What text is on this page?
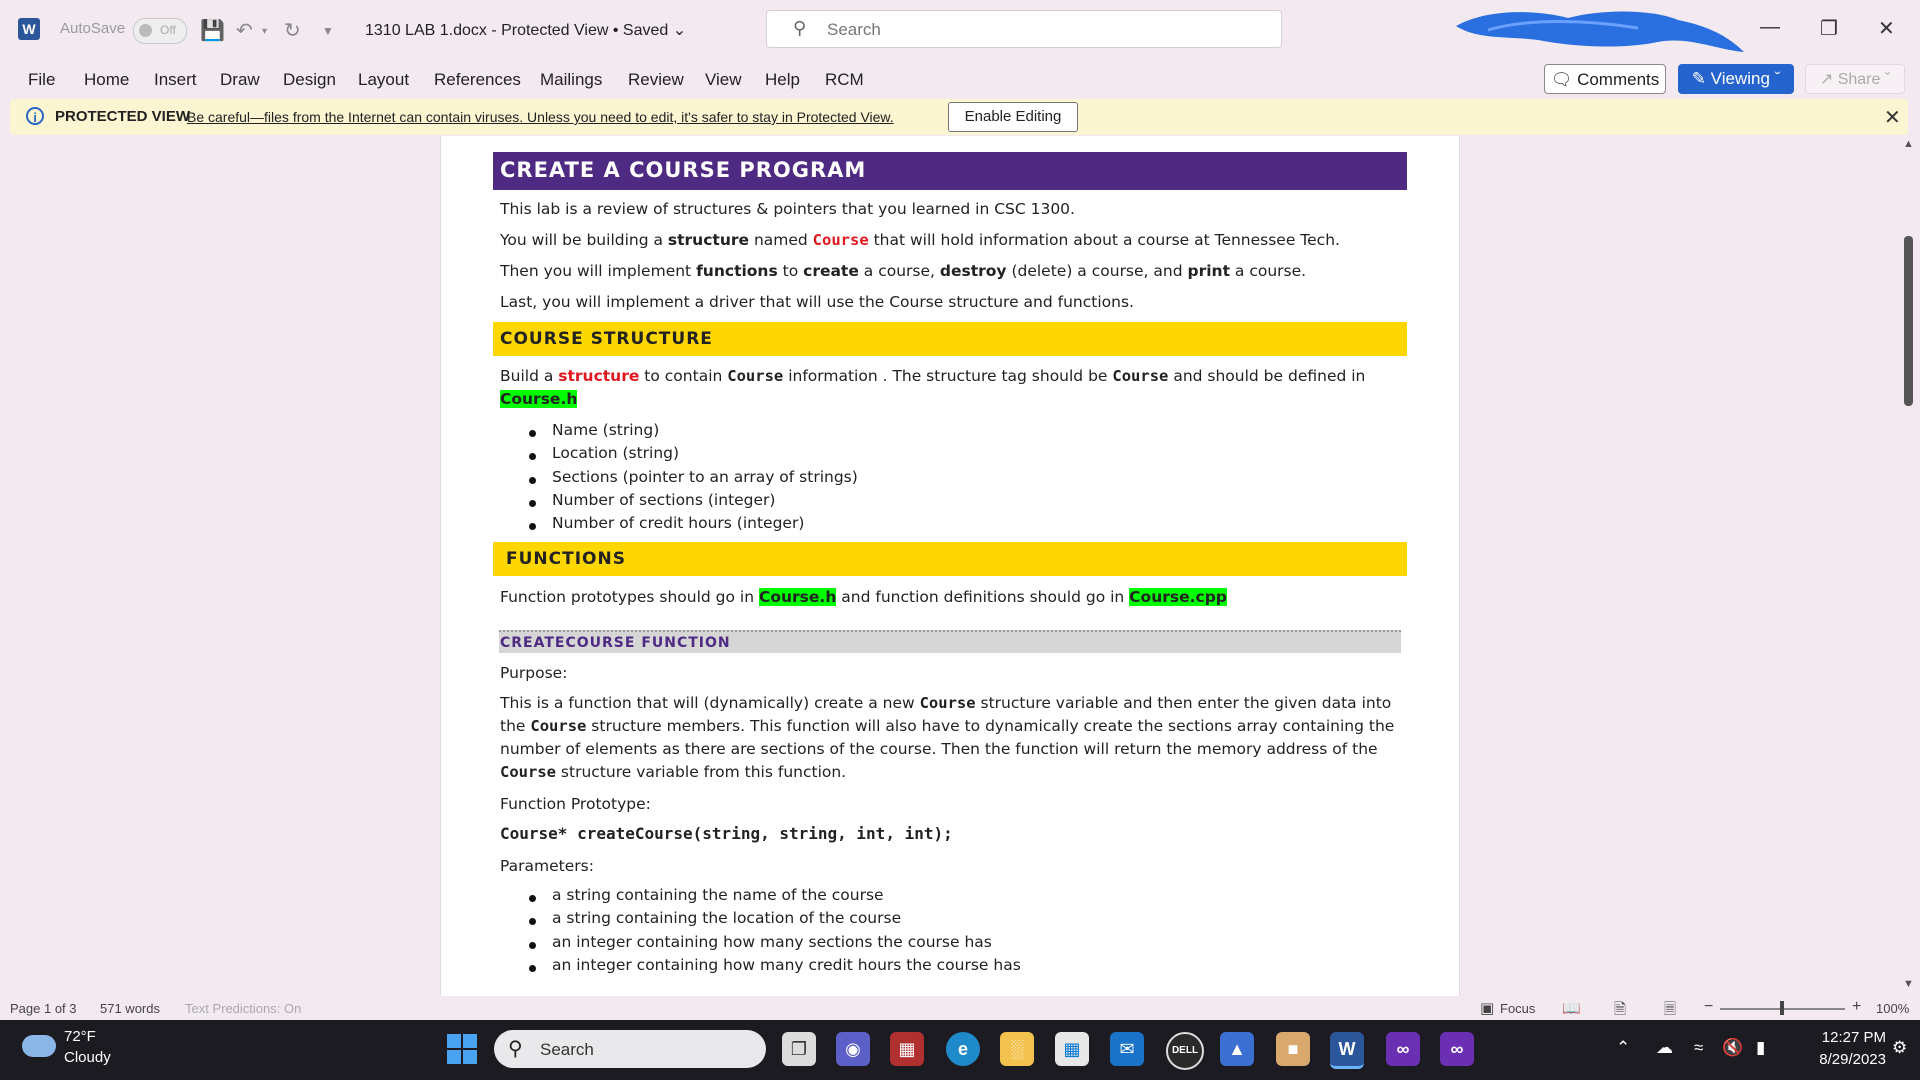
W AutoSave	Off 💾 ↶ ▾ ↻ ▼ 1310 LAB 1.docx - Protected View • Saved ⌄	⚲ Search	— ❐ ✕
File Home Insert Draw Design Layout References Mailings Review View Help RCM	🗨 Comments	✎ Viewing ˇ	↗ Share ˇ
i	PROTECTED VIEW
Be careful—files from the Internet can contain viruses. Unless you need to edit, it's safer to stay in Protected View.	Enable Editing	✕
CREATE A COURSE PROGRAM
This lab is a review of structures & pointers that you learned in CSC 1300.
You will be building a structure named Course that will hold information about a course at Tennessee Tech.
Then you will implement functions to create a course, destroy (delete) a course, and print a course.
Last, you will implement a driver that will use the Course structure and functions.
COURSE STRUCTURE
Build a structure to contain Course information . The structure tag should be Course and should be defined in Course.h
Name (string)
Location (string)
Sections (pointer to an array of strings)
Number of sections (integer)
Number of credit hours (integer)
FUNCTIONS
Function prototypes should go in Course.h and function definitions should go in Course.cpp
CREATECOURSE FUNCTION
Purpose:
This is a function that will (dynamically) create a new Course structure variable and then enter the given data into the Course structure members. This function will also have to dynamically create the sections array containing the number of elements as there are sections of the course. Then the function will return the memory address of the Course structure variable from this function.
Function Prototype:
Course* createCourse(string, string, int, int);
Parameters:
a string containing the name of the course
a string containing the location of the course
an integer containing how many sections the course has
an integer containing how many credit hours the course has
▲
▼
Page 1 of 3 571 words Text Predictions: On	▣ Focus 📖 🗎	🗏 −	+ 100%
72°F
Cloudy	⚲ Search	❐	◉	▦	e	░	▦	✉	DELL	▲	■	W	∞	∞	⌃ ☁ ≈ 🔇 ▮
12:27 PM
8/29/2023
⚙
